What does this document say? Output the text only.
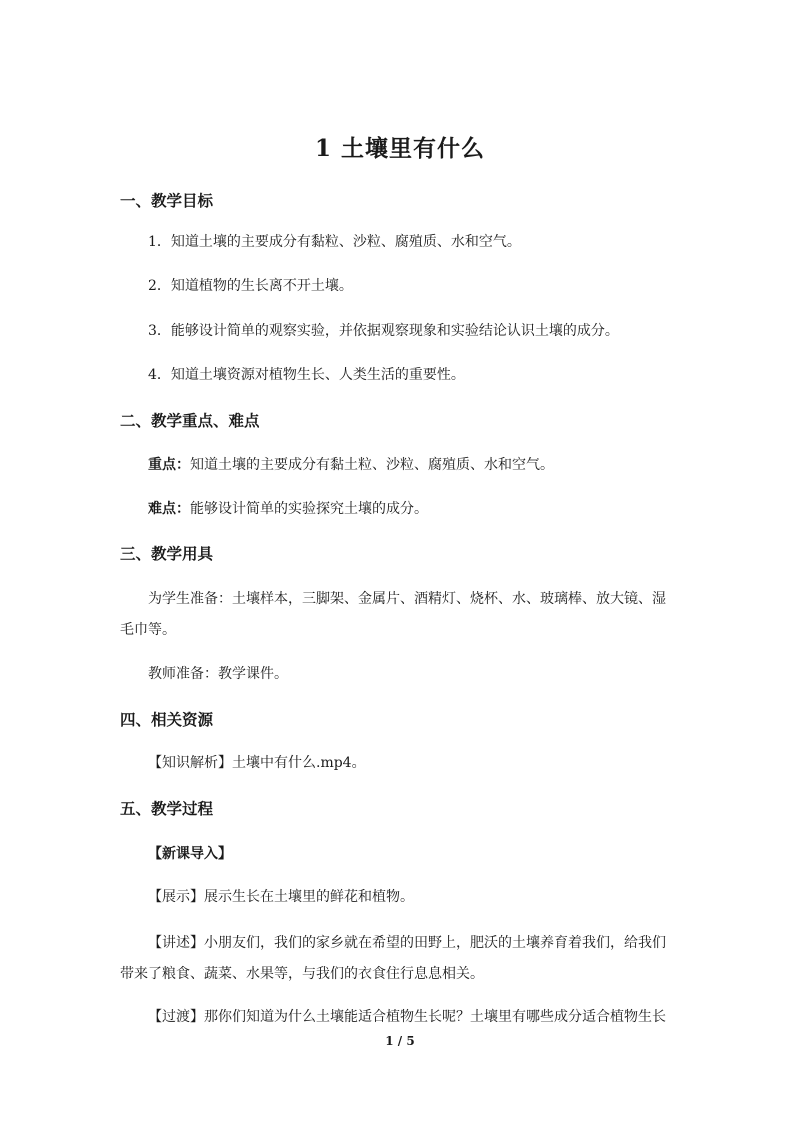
1 土壤里有什么
一、教学目标
1．知道土壤的主要成分有黏粒、沙粒、腐殖质、水和空气。
2．知道植物的生长离不开土壤。
3．能够设计简单的观察实验，并依据观察现象和实验结论认识土壤的成分。
4．知道土壤资源对植物生长、人类生活的重要性。
二、教学重点、难点
重点：知道土壤的主要成分有黏土粒、沙粒、腐殖质、水和空气。
难点：能够设计简单的实验探究土壤的成分。
三、教学用具
为学生准备：土壤样本，三脚架、金属片、酒精灯、烧杯、水、玻璃棒、放大镜、湿
毛巾等。
教师准备：教学课件。
四、相关资源
【知识解析】土壤中有什么.mp4。
五、教学过程
【新课导入】
【展示】展示生长在土壤里的鲜花和植物。
【讲述】小朋友们，我们的家乡就在希望的田野上，肥沃的土壤养育着我们，给我们
带来了粮食、蔬菜、水果等，与我们的衣食住行息息相关。
【过渡】那你们知道为什么土壤能适合植物生长呢？土壤里有哪些成分适合植物生长
1 / 5
